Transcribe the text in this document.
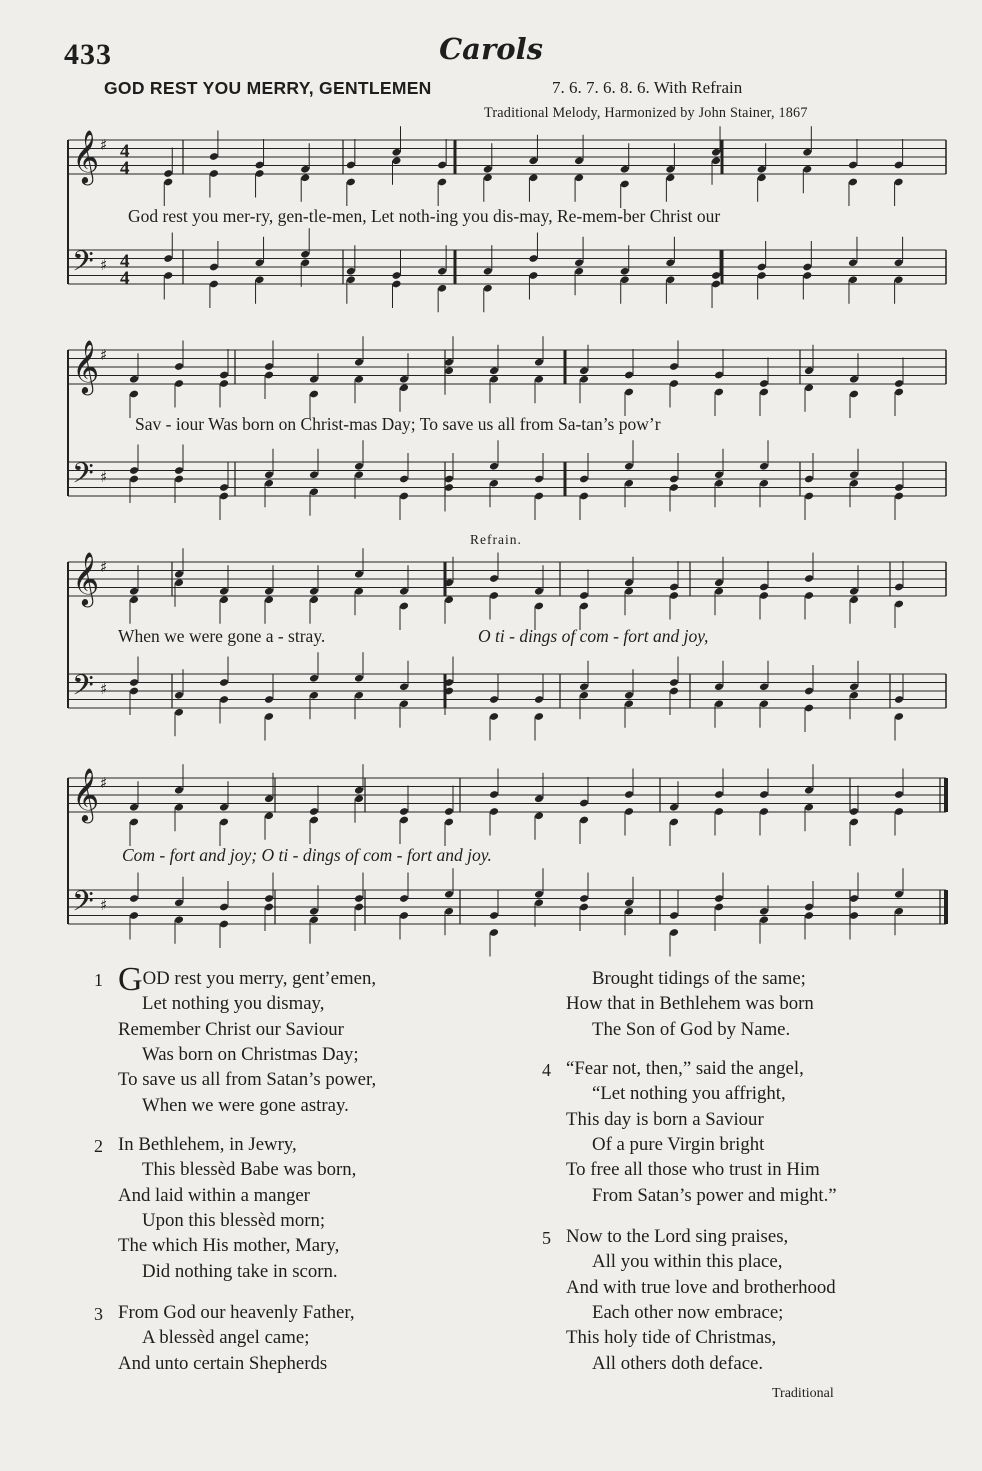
433	Carols
GOD REST YOU MERRY, GENTLEMEN	7. 6. 7. 6. 8. 6. With Refrain
Traditional Melody, Harmonized by John Stainer, 1867
𝄞 ♯ 4
4
𝄢 ♯ 4
4
𝄞 ♯
𝄢 ♯
𝄞 ♯
𝄢 ♯
𝄞 ♯
𝄢 ♯
God rest you mer-ry, gen-tle-men, Let noth-ing you dis-may, Re-mem-ber Christ our
Sav - iour Was born on Christ-mas Day; To save us all from Sa-tan’s pow’r
Refrain.
When we were gone a - stray.	O ti - dings of com - fort and joy,
Com - fort and joy; O ti - dings of com - fort and joy.
1 GOD rest you merry, gent’emen,
Let nothing you dismay,
Remember Christ our Saviour
Was born on Christmas Day;
To save us all from Satan’s power,
When we were gone astray.
2 In Bethlehem, in Jewry,
This blessèd Babe was born,
And laid within a manger
Upon this blessèd morn;
The which His mother, Mary,
Did nothing take in scorn.
3 From God our heavenly Father,
A blessèd angel came;
And unto certain Shepherds
Brought tidings of the same;
How that in Bethlehem was born
The Son of God by Name.
4 “Fear not, then,” said the angel,
“Let nothing you affright,
This day is born a Saviour
Of a pure Virgin bright
To free all those who trust in Him
From Satan’s power and might.”
5 Now to the Lord sing praises,
All you within this place,
And with true love and brotherhood
Each other now embrace;
This holy tide of Christmas,
All others doth deface.
Traditional
